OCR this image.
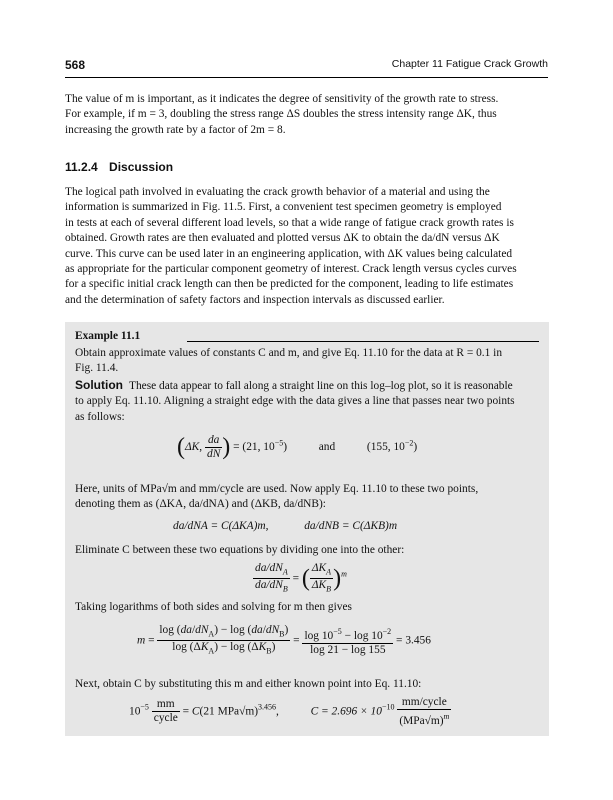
568	Chapter 11 Fatigue Crack Growth
The value of m is important, as it indicates the degree of sensitivity of the growth rate to stress.
For example, if m = 3, doubling the stress range ΔS doubles the stress intensity range ΔK, thus
increasing the growth rate by a factor of 2m = 8.
11.2.4 Discussion
The logical path involved in evaluating the crack growth behavior of a material and using the
information is summarized in Fig. 11.5. First, a convenient test specimen geometry is employed
in tests at each of several different load levels, so that a wide range of fatigue crack growth rates is
obtained. Growth rates are then evaluated and plotted versus ΔK to obtain the da/dN versus ΔK
curve. This curve can be used later in an engineering application, with ΔK values being calculated
as appropriate for the particular component geometry of interest. Crack length versus cycles curves
for a specific initial crack length can then be predicted for the component, leading to life estimates
and the determination of safety factors and inspection intervals as discussed earlier.
Example 11.1
Obtain approximate values of constants C and m, and give Eq. 11.10 for the data at R = 0.1 in
Fig. 11.4.
Solution These data appear to fall along a straight line on this log–log plot, so it is reasonable
to apply Eq. 11.10. Aligning a straight edge with the data gives a line that passes near two points
as follows:
(ΔK, $\frac{da}{dN}$ ) = (21, $10^{-5}$)	and	(155, $10^{-2}$)
Here, units of MPa√m and mm/cycle are used. Now apply Eq. 11.10 to these two points,
denoting them as (ΔKA, da/dNA) and (ΔKB, da/dNB):
da/dNA = C(ΔKA)m,	da/dNB = C(ΔKB)m
Eliminate C between these two equations by dividing one into the other:
$\frac{da/dN_A}{da/dN_B}$ = ( $\frac{\Delta K_A}{\Delta K_B} )^m$
Taking logarithms of both sides and solving for m then gives
$m = \frac{\log (da/dN_A) - \log (da/dN_B)}{\log (\Delta K_A) - \log (\Delta K_B)} = \frac{\log 10^{-5} - \log 10^{-2}}{\log 21 - \log 155} = 3.456$
Next, obtain C by substituting this m and either known point into Eq. 11.10:
$10^{-5} \frac{mm}{\text{cycle}} = C(21$ MPa√m)$^{3.456}$,	$C = 2.696 \times 10^{-10} \frac{\text{mm/cycle}}{(MPa√m)^m}$
